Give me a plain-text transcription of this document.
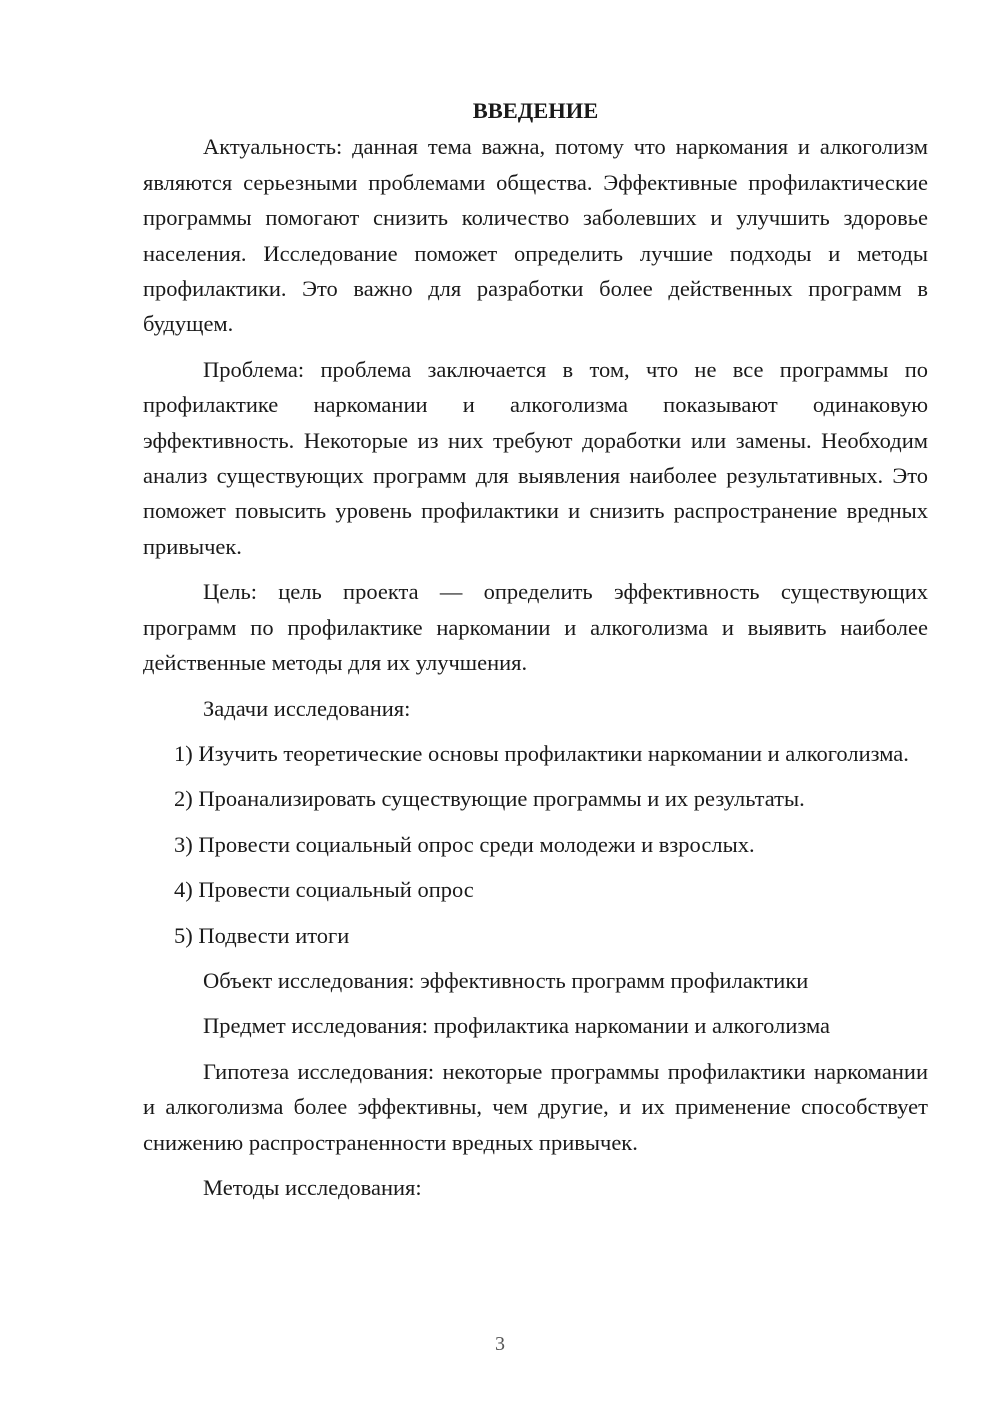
ВВЕДЕНИЕ

Актуальность: данная тема важна, потому что наркомания и алкоголизм являются серьезными проблемами общества. Эффективные профилактические программы помогают снизить количество заболевших и улучшить здоровье населения. Исследование поможет определить лучшие подходы и методы профилактики. Это важно для разработки более действенных программ в будущем.

Проблема: проблема заключается в том, что не все программы по профилактике наркомании и алкоголизма показывают одинаковую эффективность. Некоторые из них требуют доработки или замены. Необходим анализ существующих программ для выявления наиболее результативных. Это поможет повысить уровень профилактики и снизить распространение вредных привычек.

Цель: цель проекта — определить эффективность существующих программ по профилактике наркомании и алкоголизма и выявить наиболее действенные методы для их улучшения.

Задачи исследования:

1) Изучить теоретические основы профилактики наркомании и алкоголизма.

2) Проанализировать существующие программы и их результаты.

3) Провести социальный опрос среди молодежи и взрослых.

4) Провести социальный опрос

5) Подвести итоги

Объект исследования: эффективность программ профилактики

Предмет исследования: профилактика наркомании и алкоголизма

Гипотеза исследования: некоторые программы профилактики наркомании и алкоголизма более эффективны, чем другие, и их применение способствует снижению распространенности вредных привычек.

Методы исследования:

3
